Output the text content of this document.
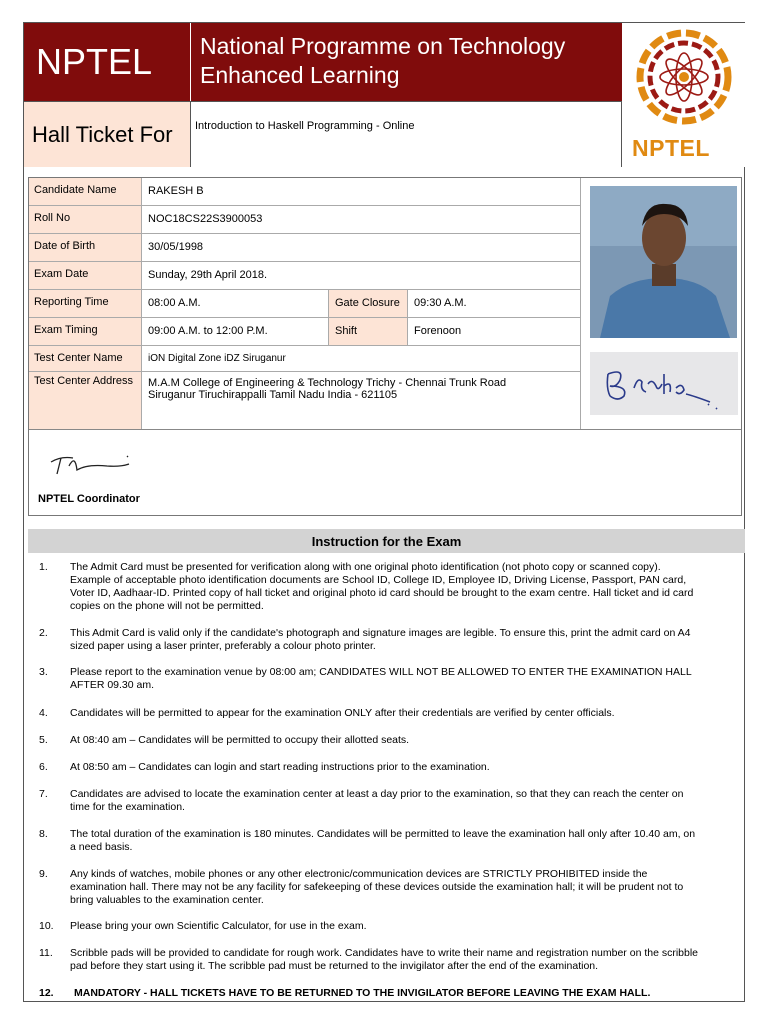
NPTEL	National Programme on Technology
Enhanced Learning
Hall Ticket For	Introduction to Haskell Programming - Online
NPTEL
Candidate Name	RAKESH B
Roll No	NOC18CS22S3900053
Date of Birth	30/05/1998
Exam Date	Sunday, 29th April 2018.
Reporting Time	08:00 A.M.	Gate Closure	09:30 A.M.
Exam Timing	09:00 A.M. to 12:00 P.M.	Shift	Forenoon
Test Center Name	iON Digital Zone iDZ Siruganur
Test Center Address	M.A.M College of Engineering & Technology Trichy - Chennai Trunk Road
Siruganur Tiruchirappalli Tamil Nadu India - 621105
NPTEL Coordinator
Instruction for the Exam
1. The Admit Card must be presented for verification along with one original photo identification (not photo copy or scanned copy).
Example of acceptable photo identification documents are School ID, College ID, Employee ID, Driving License, Passport, PAN card,
Voter ID, Aadhaar-ID. Printed copy of hall ticket and original photo id card should be brought to the exam centre. Hall ticket and id card
copies on the phone will not be permitted.
2. This Admit Card is valid only if the candidate's photograph and signature images are legible. To ensure this, print the admit card on A4
sized paper using a laser printer, preferably a colour photo printer.
3. Please report to the examination venue by 08:00 am; CANDIDATES WILL NOT BE ALLOWED TO ENTER THE EXAMINATION HALL
AFTER 09.30 am.
4. Candidates will be permitted to appear for the examination ONLY after their credentials are verified by center officials.
5. At 08:40 am – Candidates will be permitted to occupy their allotted seats.
6. At 08:50 am – Candidates can login and start reading instructions prior to the examination.
7. Candidates are advised to locate the examination center at least a day prior to the examination, so that they can reach the center on
time for the examination.
8. The total duration of the examination is 180 minutes. Candidates will be permitted to leave the examination hall only after 10.40 am, on
a need basis.
9. Any kinds of watches, mobile phones or any other electronic/communication devices are STRICTLY PROHIBITED inside the
examination hall. There may not be any facility for safekeeping of these devices outside the examination hall; it will be prudent not to
bring valuables to the examination center.
10. Please bring your own Scientific Calculator, for use in the exam.
11. Scribble pads will be provided to candidate for rough work. Candidates have to write their name and registration number on the scribble
pad before they start using it. The scribble pad must be returned to the invigilator after the end of the examination.
12. MANDATORY - HALL TICKETS HAVE TO BE RETURNED TO THE INVIGILATOR BEFORE LEAVING THE EXAM HALL.
